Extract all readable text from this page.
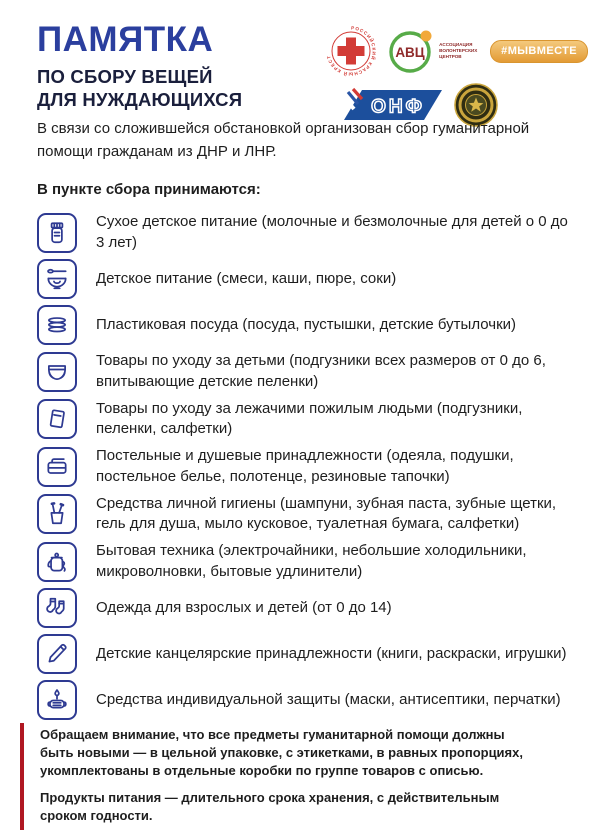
ПАМЯТКА
ПО СБОРУ ВЕЩЕЙ
ДЛЯ НУЖДАЮЩИХСЯ
РОССИЙСКИЙ КРАСНЫЙ КРЕСТ	АВЦ
АССОЦИАЦИЯ ВОЛОНТЕРСКИХ ЦЕНТРОВ	#МЫВМЕСТЕ
ОНФ

В связи со сложившейся обстановкой организован сбор гуманитарной помощи гражданам из ДНР и ЛНР.

В пункте сбора принимаются:

Сухое детское питание (молочные и безмолочные для детей о 0 до 3 лет)
Детское питание (смеси, каши, пюре, соки)
Пластиковая посуда (посуда, пустышки, детские бутылочки)
Товары по уходу за детьми (подгузники всех размеров от 0 до 6, впитывающие детские пеленки)
Товары по уходу за лежачими пожилым людьми (подгузники, пеленки, салфетки)
Постельные и душевые принадлежности (одеяла, подушки, постельное белье, полотенце, резиновые тапочки)
Средства личной гигиены (шампуни, зубная паста, зубные щетки, гель для душа, мыло кусковое, туалетная бумага, салфетки)
Бытовая техника (электрочайники, небольшие холодильники, микроволновки, бытовые удлинители)
Одежда для взрослых и детей (от 0 до 14)
Детские канцелярские принадлежности (книги, раскраски, игрушки)
Средства индивидуальной защиты (маски, антисептики, перчатки)

Обращаем внимание, что все предметы гуманитарной помощи должны быть новыми — в цельной упаковке, с этикетками, в равных пропорциях, укомплектованы в отдельные коробки по группе товаров с описью.

Продукты питания — длительного срока хранения, с действительным сроком годности.
